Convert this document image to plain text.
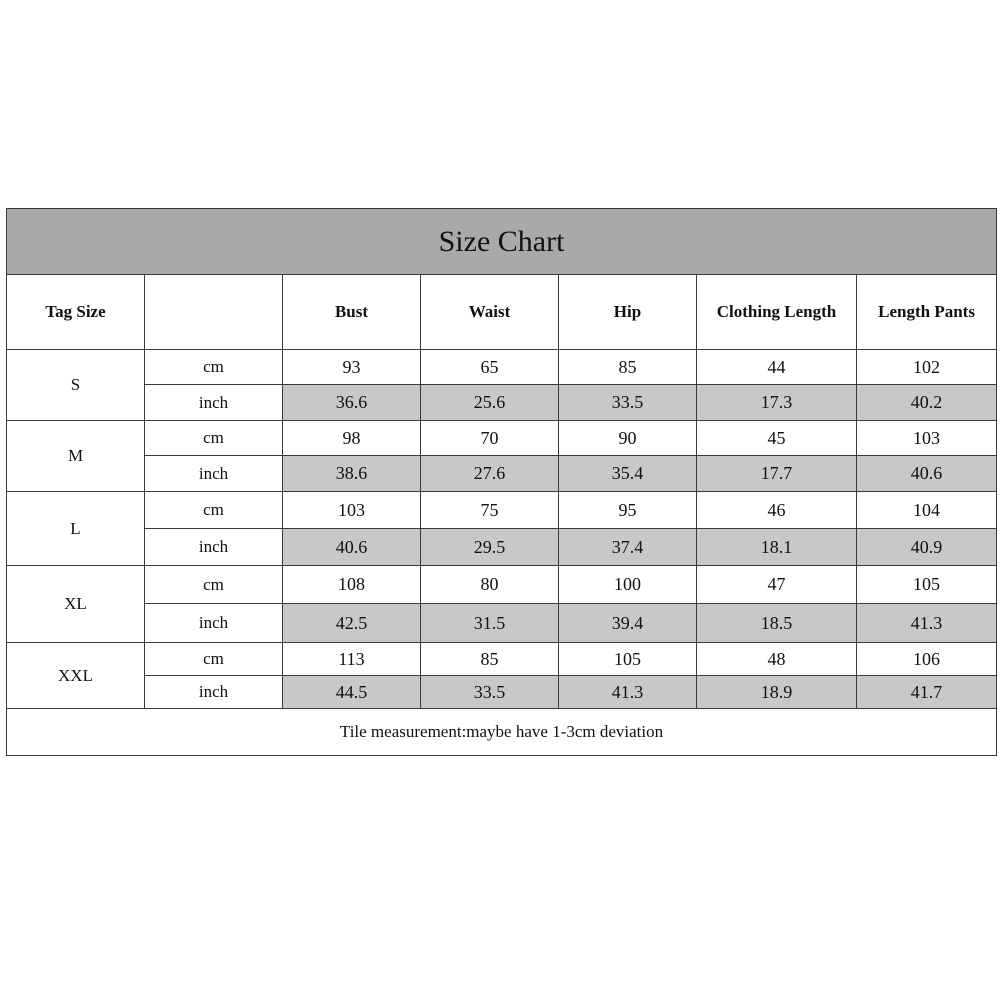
Size Chart						
Tag Size		Bust	Waist	Hip	Clothing Length	Length Pants
S	cm	93	65	85	44	102
	inch	36.6	25.6	33.5	17.3	40.2
M	cm	98	70	90	45	103
	inch	38.6	27.6	35.4	17.7	40.6
L	cm	103	75	95	46	104
	inch	40.6	29.5	37.4	18.1	40.9
XL	cm	108	80	100	47	105
	inch	42.5	31.5	39.4	18.5	41.3
XXL	cm	113	85	105	48	106
	inch	44.5	33.5	41.3	18.9	41.7
Tile measurement:maybe have 1-3cm deviation						
